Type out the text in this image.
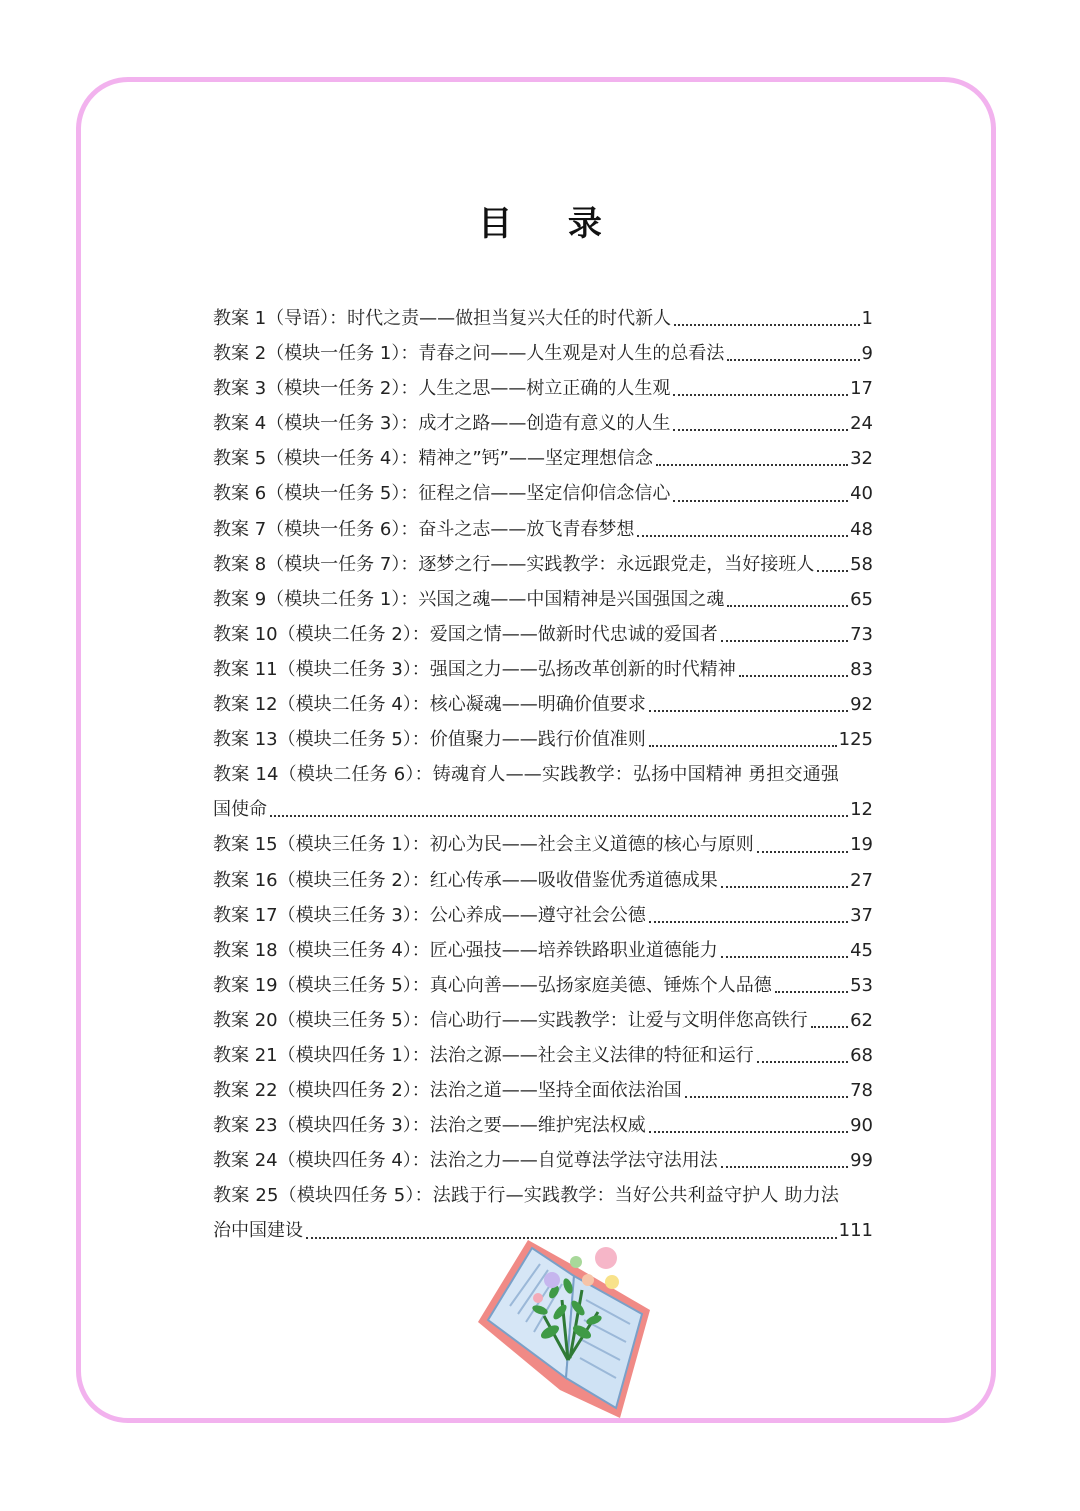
目 录
教案 1（导语）：时代之责——做担当复兴大任的时代新人	1
教案 2（模块一任务 1）：青春之问——人生观是对人生的总看法	9
教案 3（模块一任务 2）：人生之思——树立正确的人生观	17
教案 4（模块一任务 3）：成才之路——创造有意义的人生	24
教案 5（模块一任务 4）：精神之”钙”——坚定理想信念	32
教案 6（模块一任务 5）：征程之信——坚定信仰信念信心	40
教案 7（模块一任务 6）：奋斗之志——放飞青春梦想	48
教案 8（模块一任务 7）：逐梦之行——实践教学：永远跟党走，当好接班人 58
教案 9（模块二任务 1）：兴国之魂——中国精神是兴国强国之魂	65
教案 10（模块二任务 2）：爱国之情——做新时代忠诚的爱国者	73
教案 11（模块二任务 3）：强国之力——弘扬改革创新的时代精神	83
教案 12（模块二任务 4）：核心凝魂——明确价值要求	92
教案 13（模块二任务 5）：价值聚力——践行价值准则	125
教案 14（模块二任务 6）：铸魂育人——实践教学：弘扬中国精神 勇担交通强
国使命	12
教案 15（模块三任务 1）：初心为民——社会主义道德的核心与原则	19
教案 16（模块三任务 2）：红心传承——吸收借鉴优秀道德成果	27
教案 17（模块三任务 3）：公心养成——遵守社会公德	37
教案 18（模块三任务 4）：匠心强技——培养铁路职业道德能力	45
教案 19（模块三任务 5）：真心向善——弘扬家庭美德、锤炼个人品德	53
教案 20（模块三任务 5）：信心助行——实践教学：让爱与文明伴您高铁行 62
教案 21（模块四任务 1）：法治之源——社会主义法律的特征和运行	68
教案 22（模块四任务 2）：法治之道——坚持全面依法治国	78
教案 23（模块四任务 3）：法治之要——维护宪法权威	90
教案 24（模块四任务 4）：法治之力——自觉尊法学法守法用法	99
教案 25（模块四任务 5）：法践于行—实践教学：当好公共利益守护人 助力法
治中国建设	111
